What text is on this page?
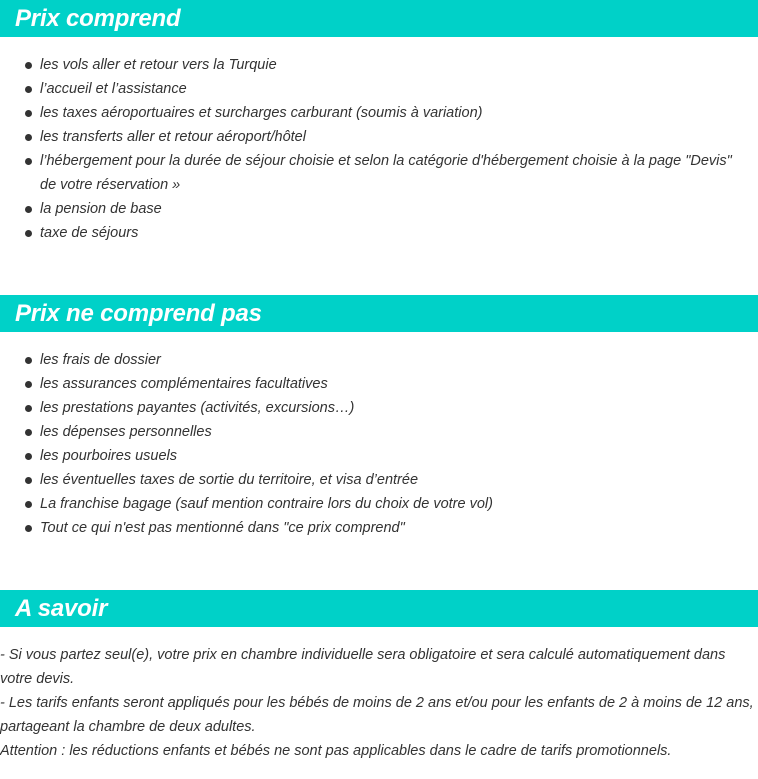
Prix comprend
les vols aller et retour vers la Turquie
l’accueil et l’assistance
les taxes aéroportuaires et surcharges carburant (soumis à variation)
les transferts aller et retour aéroport/hôtel
l’hébergement pour la durée de séjour choisie et selon la catégorie d'hébergement choisie à la page "Devis" de votre réservation »
la pension de base
taxe de séjours
Prix ne comprend pas
les frais de dossier
les assurances complémentaires facultatives
les prestations payantes (activités, excursions…)
les dépenses personnelles
les pourboires usuels
les éventuelles taxes de sortie du territoire, et visa d’entrée
La franchise bagage (sauf mention contraire lors du choix de votre vol)
Tout ce qui n'est pas mentionné dans "ce prix comprend"
A savoir

- Si vous partez seul(e), votre prix en chambre individuelle sera obligatoire et sera calculé automatiquement dans votre devis.

- Les tarifs enfants seront appliqués pour les bébés de moins de 2 ans et/ou pour les enfants de 2 à moins de 12 ans, partageant la chambre de deux adultes.

Attention : les réductions enfants et bébés ne sont pas applicables dans le cadre de tarifs promotionnels.
